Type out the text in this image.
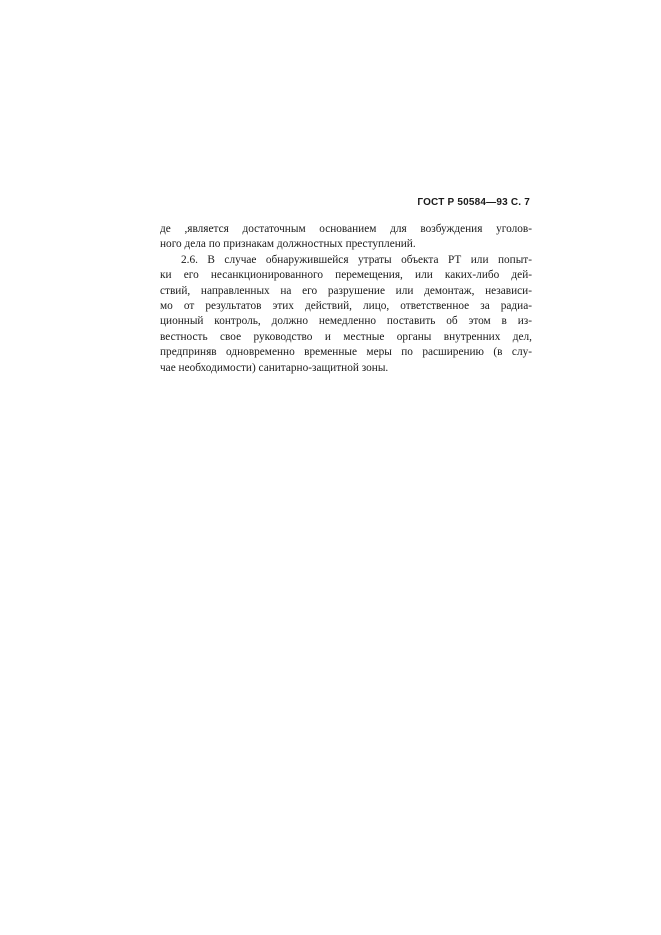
ГОСТ Р 50584—93 С. 7
де ,является достаточным основанием для возбуждения уголов-
ного дела по признакам должностных преступлений.
2.6. В случае обнаружившейся утраты объекта РТ или попыт-
ки его несанкционированного перемещения, или каких-либо дей-
ствий, направленных на его разрушение или демонтаж, независи-
мо от результатов этих действий, лицо, ответственное за радиа-
ционный контроль, должно немедленно поставить об этом в из-
вестность свое руководство и местные органы внутренних дел,
предприняв одновременно временные меры по расширению (в слу-
чае необходимости) санитарно-защитной зоны.
